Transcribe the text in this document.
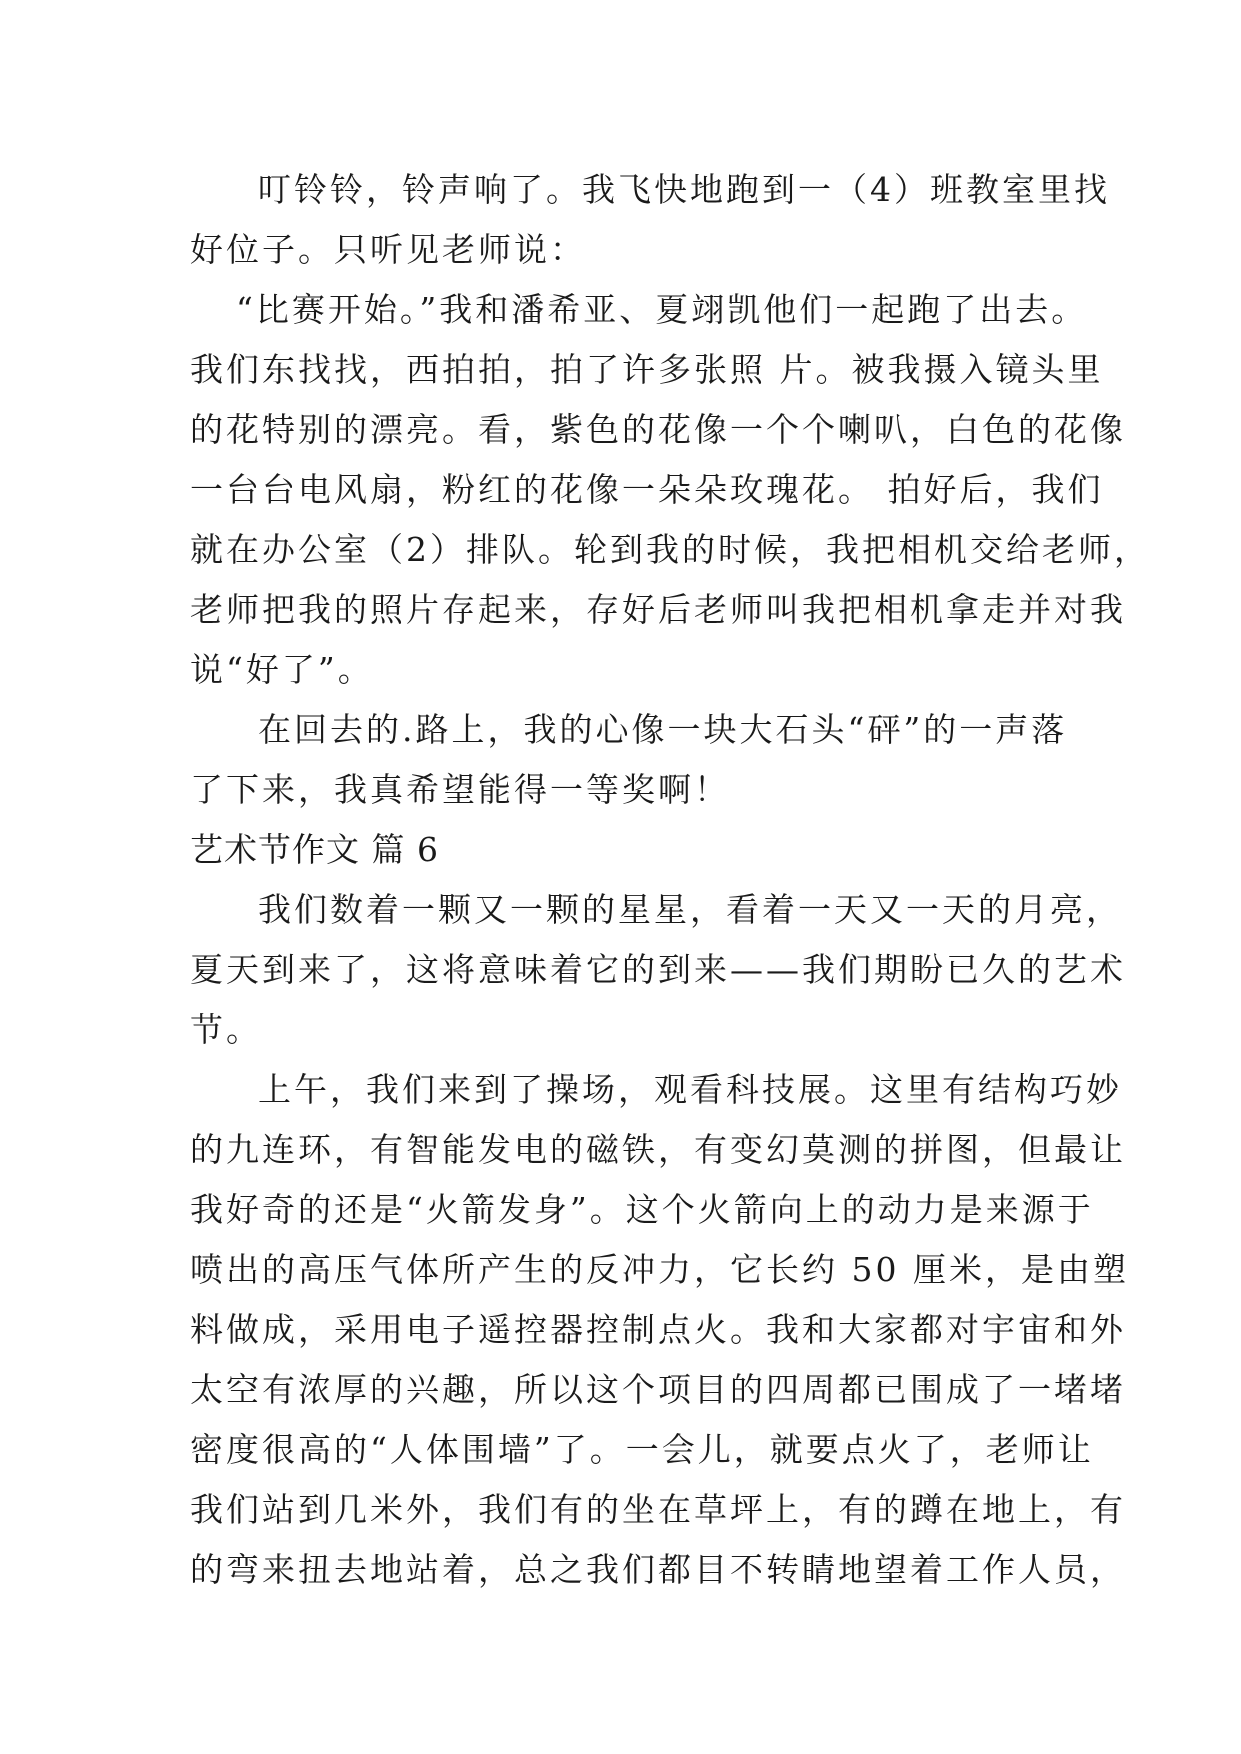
叮铃铃，铃声响了。我飞快地跑到一（4）班教室里找

好位子。只听见老师说：

“比赛开始。”我和潘希亚、夏翊凯他们一起跑了出去。

我们东找找，西拍拍，拍了许多张照 片。被我摄入镜头里

的花特别的漂亮。看，紫色的花像一个个喇叭，白色的花像

一台台电风扇，粉红的花像一朵朵玫瑰花。 拍好后，我们

就在办公室（2）排队。轮到我的时候，我把相机交给老师，

老师把我的照片存起来，存好后老师叫我把相机拿走并对我

说“好了”。

在回去的.路上，我的心像一块大石头“砰”的一声落

了下来，我真希望能得一等奖啊！

艺术节作文 篇 6

我们数着一颗又一颗的星星，看着一天又一天的月亮，

夏天到来了，这将意味着它的到来——我们期盼已久的艺术

节。

上午，我们来到了操场，观看科技展。这里有结构巧妙

的九连环，有智能发电的磁铁，有变幻莫测的拼图，但最让

我好奇的还是“火箭发身”。这个火箭向上的动力是来源于

喷出的高压气体所产生的反冲力，它长约 50 厘米，是由塑

料做成，采用电子遥控器控制点火。我和大家都对宇宙和外

太空有浓厚的兴趣，所以这个项目的四周都已围成了一堵堵

密度很高的“人体围墙”了。一会儿，就要点火了，老师让

我们站到几米外，我们有的坐在草坪上，有的蹲在地上，有

的弯来扭去地站着，总之我们都目不转睛地望着工作人员，
